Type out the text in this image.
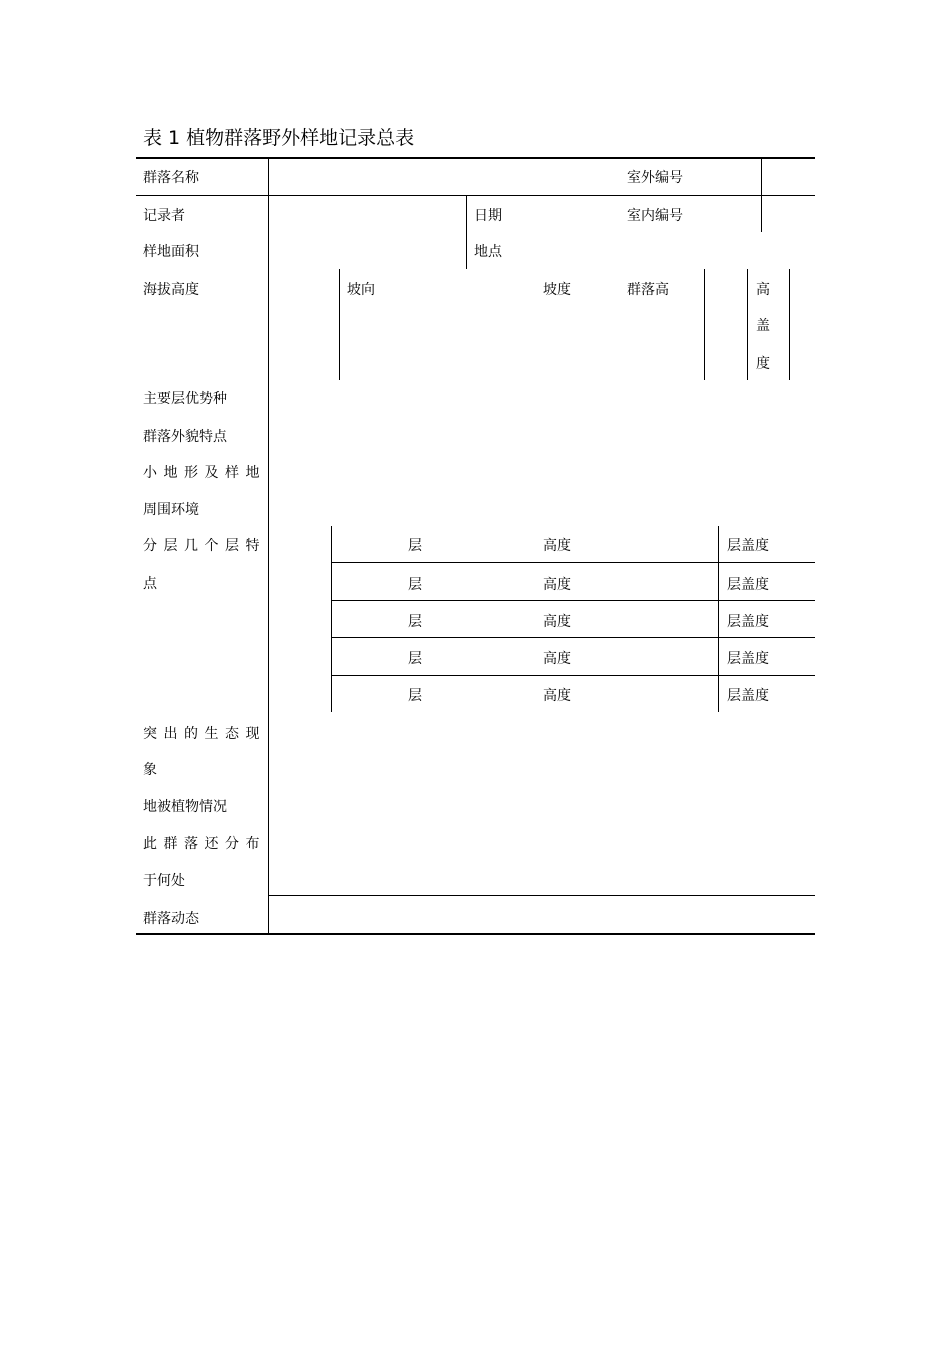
表 1 植物群落野外样地记录总表
群落名称	室外编号
记录者	日期	室内编号
样地面积	地点
海拔高度	坡向	坡度	群落高	高
盖
度
主要层优势种
群落外貌特点
小地形及样地
周围环境
分层几个层特
点
层	高度	层盖度
层	高度	层盖度
层	高度	层盖度
层	高度	层盖度
层	高度	层盖度
突出的生态现
象
地被植物情况
此群落还分布
于何处
群落动态
